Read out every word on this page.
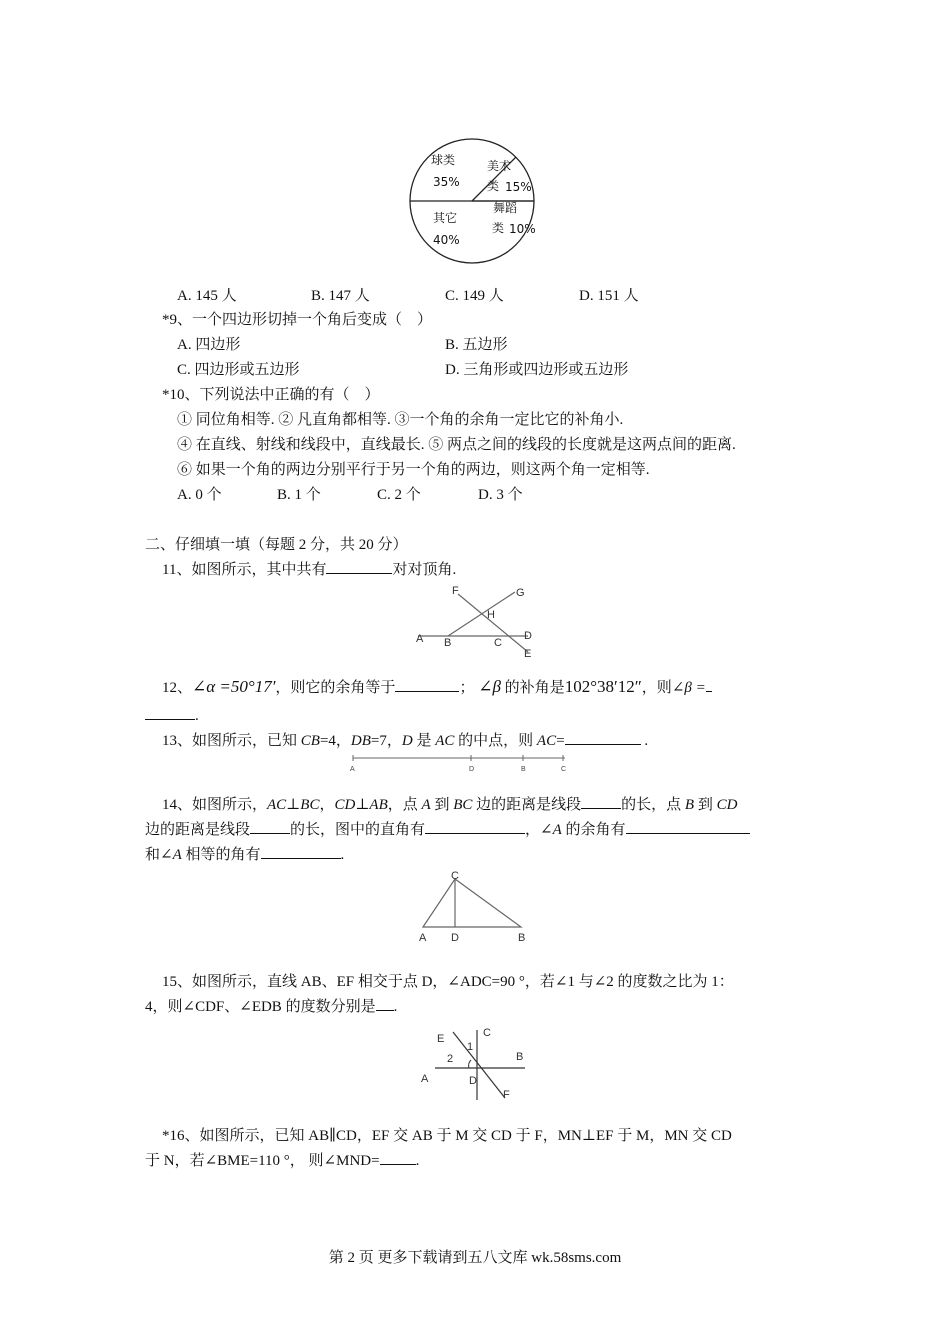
球类
35%
美术
类 15%
舞蹈
类 10%
其它
40%
A. 145 人	B. 147 人	C. 149 人	D. 151 人
*9、一个四边形切掉一个角后变成（　）
A. 四边形	B. 五边形
C. 四边形或五边形	D. 三角形或四边形或五边形
*10、下列说法中正确的有（　）
① 同位角相等. ② 凡直角都相等. ③一个角的余角一定比它的补角小.
④ 在直线、射线和线段中，直线最长. ⑤ 两点之间的线段的长度就是这两点间的距离.
⑥ 如果一个角的两边分别平行于另一个角的两边，则这两个角一定相等.
A. 0 个	B. 1 个	C. 2 个	D. 3 个
二、仔细填一填（每题 2 分，共 20 分）
11、如图所示，其中共有	对对顶角.
F	G
H
A B	C
D
E
12、∠α =50°17′，则它的余角等于	； ∠β 的补角是102°38′12″，则∠β =
.
13、如图所示，已知 CB=4，DB=7，D 是 AC 的中点，则 AC=	.
A	D	B	C
14、如图所示，AC⊥BC，CD⊥AB，点 A 到 BC 边的距离是线段	的长，点 B 到 CD
边的距离是线段	的长，图中的直角有	，∠A 的余角有
和∠A 相等的角有	.
C
A D	B
15、如图所示，直线 AB、EF 相交于点 D，∠ADC=90 °，若∠1 与∠2 的度数之比为 1：
4，则∠CDF、∠EDB 的度数分别是 .
E
1
C
2	B
A	D
F
*16、如图所示，已知 AB∥CD，EF 交 AB 于 M 交 CD 于 F，MN⊥EF 于 M，MN 交 CD
于 N，若∠BME=110 °， 则∠MND= .
第 2 页 更多下载请到五八文库 wk.58sms.com
